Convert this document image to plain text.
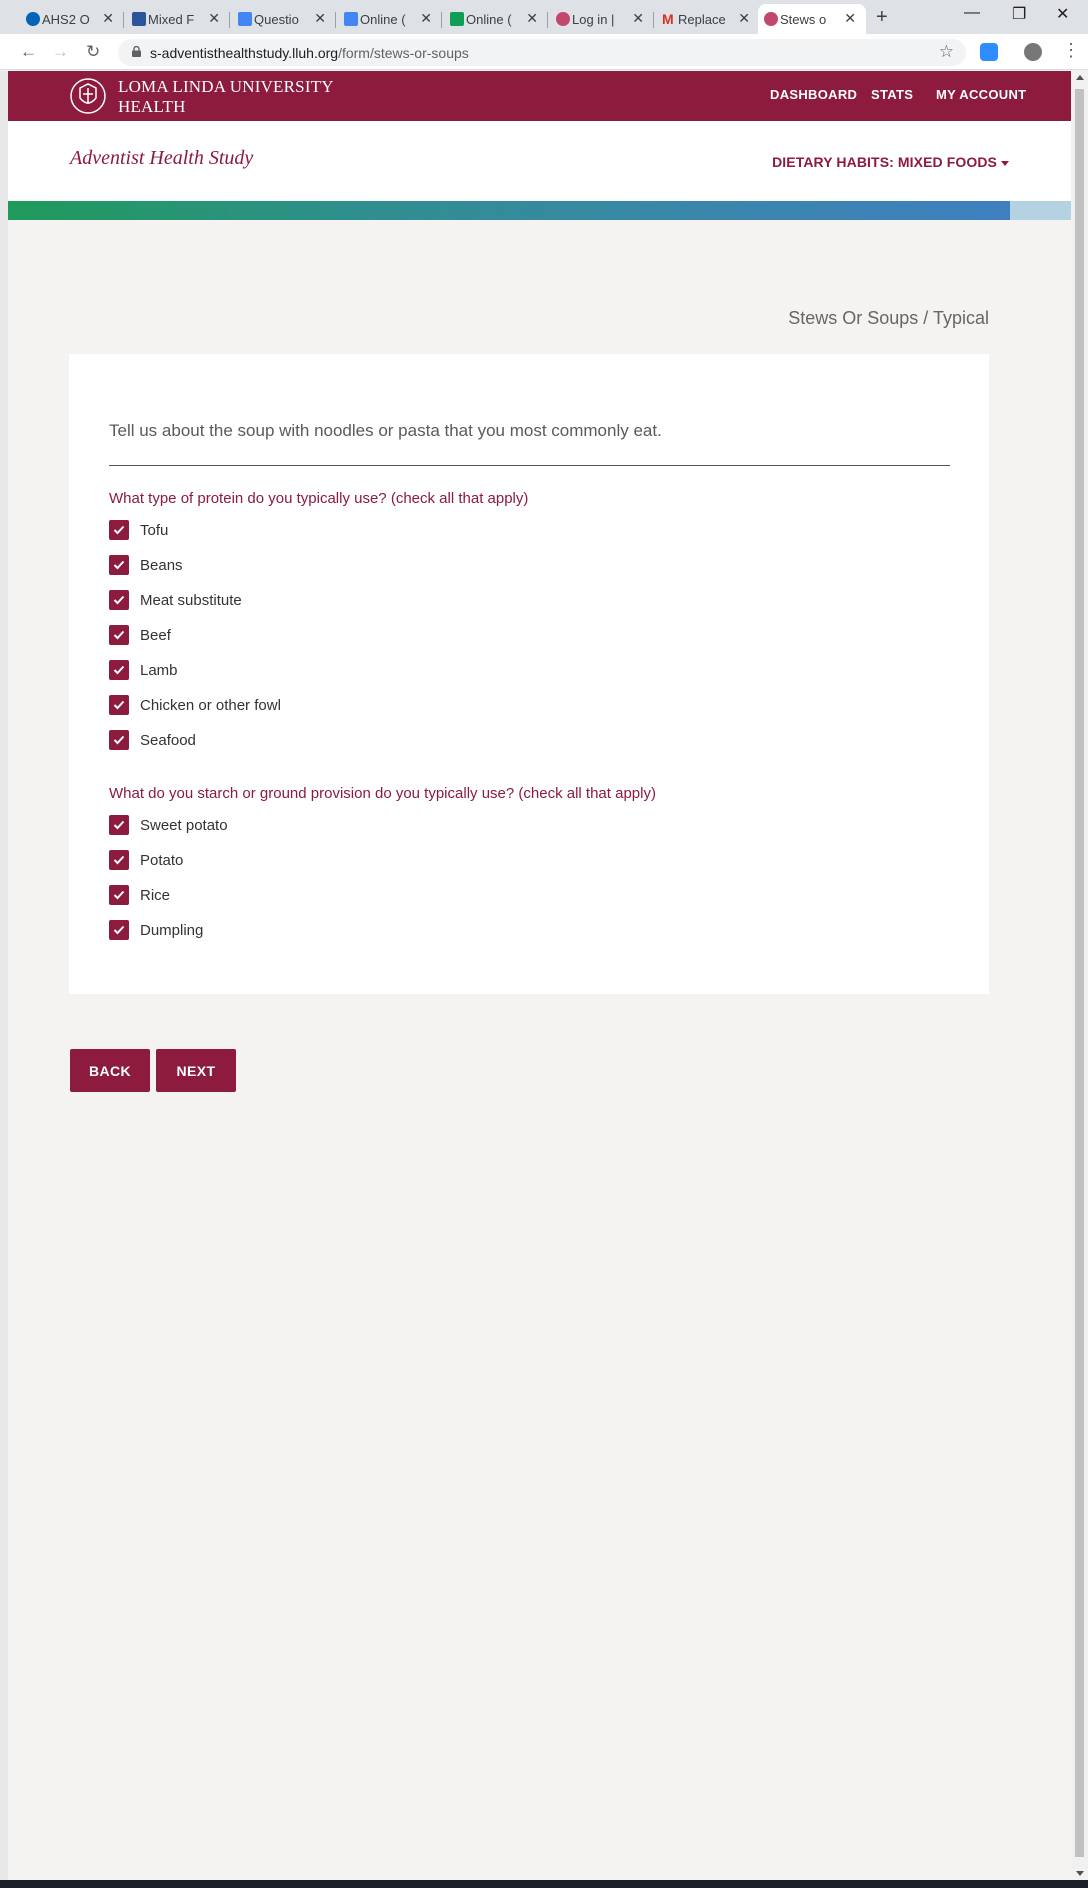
AHS2 O ✕	Mixed F ✕	Questio	✕	Online (	✕	Online (	✕	Log in |	✕ M Replace ✕ Stews o ✕ +	— ❐ ✕
← → ↻	s-adventisthealthstudy.lluh.org/form/stews-or-soups	☆	⋮
LOMA LINDA UNIVERSITY
HEALTH
DASHBOARD STATS MY ACCOUNT
Adventist Health Study	DIETARY HABITS: MIXED FOODS
Stews Or Soups / Typical
Tell us about the soup with noodles or pasta that you most commonly eat.
What type of protein do you typically use? (check all that apply)
Tofu
Beans
Meat substitute
Beef
Lamb
Chicken or other fowl
Seafood
What do you starch or ground provision do you typically use? (check all that apply)
Sweet potato
Potato
Rice
Dumpling
BACK	NEXT
